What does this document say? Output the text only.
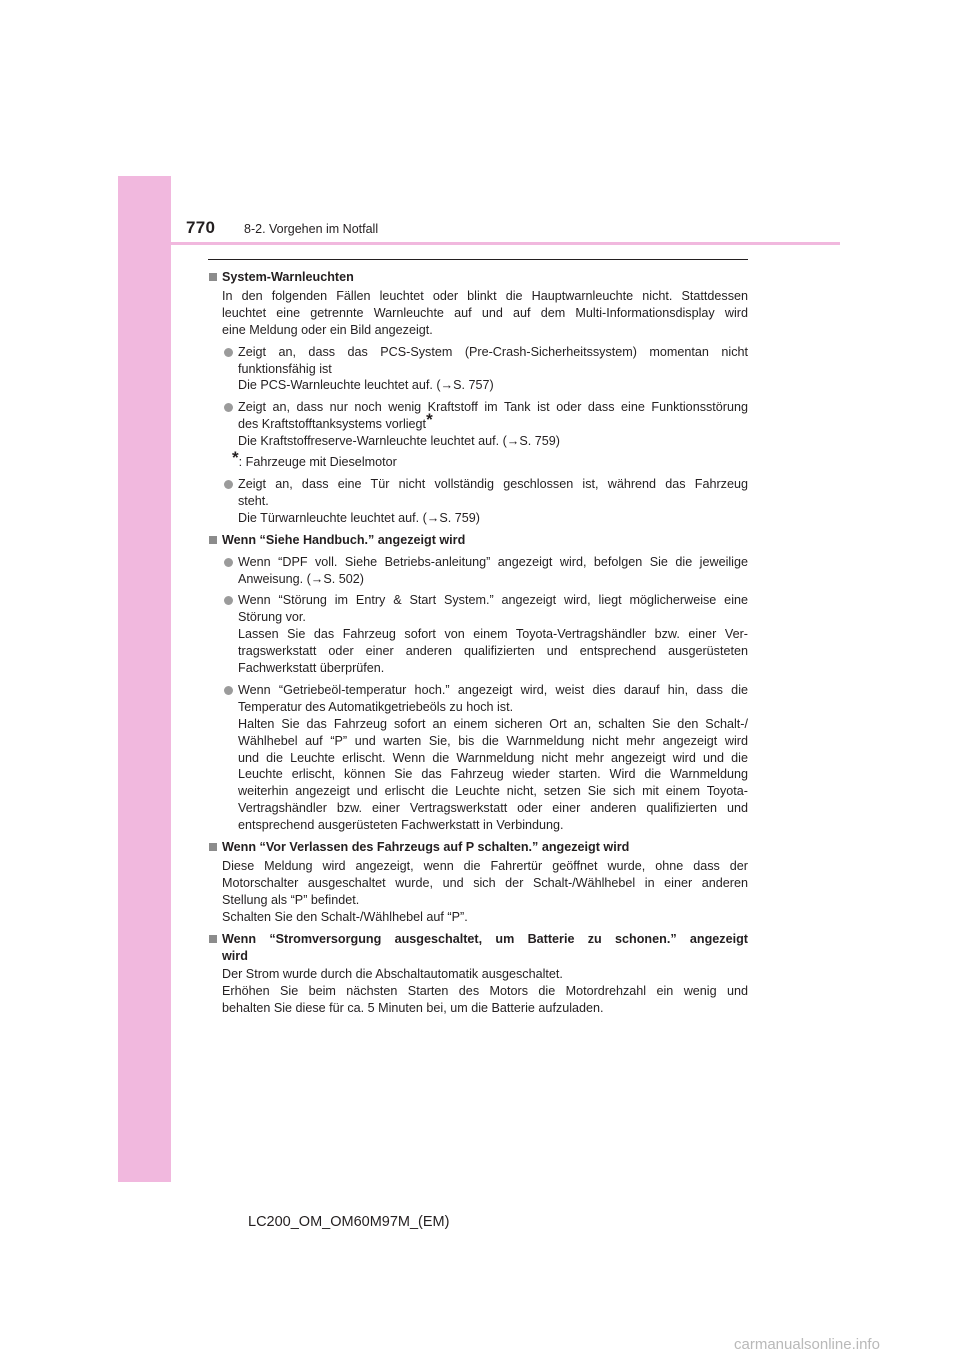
770 8-2. Vorgehen im Notfall
System-Warnleuchten
In den folgenden Fällen leuchtet oder blinkt die Hauptwarnleuchte nicht. Stattdessen
leuchtet eine getrennte Warnleuchte auf und auf dem Multi-Informationsdisplay wird
eine Meldung oder ein Bild angezeigt.
Zeigt an, dass das PCS-System (Pre-Crash-Sicherheitssystem) momentan nicht
funktionsfähig ist
Die PCS-Warnleuchte leuchtet auf. (→S. 757)
Zeigt an, dass nur noch wenig Kraftstoff im Tank ist oder dass eine Funktionsstörung
des Kraftstofftanksystems vorliegt*
Die Kraftstoffreserve-Warnleuchte leuchtet auf. (→S. 759)
*: Fahrzeuge mit Dieselmotor
Zeigt an, dass eine Tür nicht vollständig geschlossen ist, während das Fahrzeug
steht.
Die Türwarnleuchte leuchtet auf. (→S. 759)
Wenn “Siehe Handbuch.” angezeigt wird
Wenn “DPF voll. Siehe Betriebs-anleitung” angezeigt wird, befolgen Sie die jeweilige
Anweisung. (→S. 502)
Wenn “Störung im Entry & Start System.” angezeigt wird, liegt möglicherweise eine
Störung vor.
Lassen Sie das Fahrzeug sofort von einem Toyota-Vertragshändler bzw. einer Ver-
tragswerkstatt oder einer anderen qualifizierten und entsprechend ausgerüsteten
Fachwerkstatt überprüfen.
Wenn “Getriebeöl-temperatur hoch.” angezeigt wird, weist dies darauf hin, dass die
Temperatur des Automatikgetriebeöls zu hoch ist.
Halten Sie das Fahrzeug sofort an einem sicheren Ort an, schalten Sie den Schalt-/
Wählhebel auf “P” und warten Sie, bis die Warnmeldung nicht mehr angezeigt wird
und die Leuchte erlischt. Wenn die Warnmeldung nicht mehr angezeigt wird und die
Leuchte erlischt, können Sie das Fahrzeug wieder starten. Wird die Warnmeldung
weiterhin angezeigt und erlischt die Leuchte nicht, setzen Sie sich mit einem Toyota-
Vertragshändler bzw. einer Vertragswerkstatt oder einer anderen qualifizierten und
entsprechend ausgerüsteten Fachwerkstatt in Verbindung.
Wenn “Vor Verlassen des Fahrzeugs auf P schalten.” angezeigt wird
Diese Meldung wird angezeigt, wenn die Fahrertür geöffnet wurde, ohne dass der
Motorschalter ausgeschaltet wurde, und sich der Schalt-/Wählhebel in einer anderen
Stellung als “P” befindet.
Schalten Sie den Schalt-/Wählhebel auf “P”.
Wenn “Stromversorgung ausgeschaltet, um Batterie zu schonen.” angezeigt
wird
Der Strom wurde durch die Abschaltautomatik ausgeschaltet.
Erhöhen Sie beim nächsten Starten des Motors die Motordrehzahl ein wenig und
behalten Sie diese für ca. 5 Minuten bei, um die Batterie aufzuladen.
LC200_OM_OM60M97M_(EM)
carmanualsonline.info
